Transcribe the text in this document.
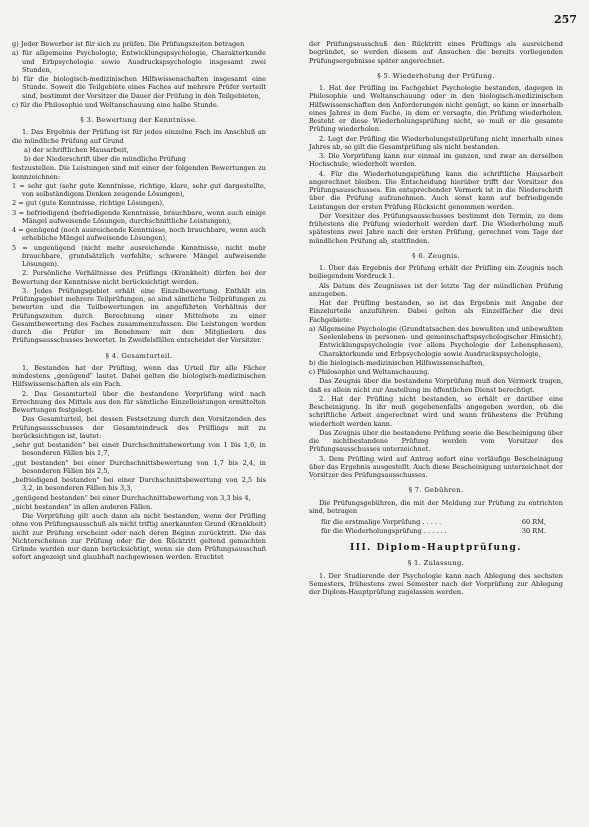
257

g) Jeder Bewerber ist für sich zu prüfen. Die Prüfungszeiten betragen

a) für allgemeine Psychologie, Entwicklungspsychologie, Charakterkunde und Erbpsychologie sowie Ausdruckspsychologie insgesamt zwei Stunden,

b) für die biologisch-medizinischen Hilfswissenschaften insgesamt eine Stunde. Soweit die Teilgebiete eines Faches auf mehrere Prüfer verteilt sind, bestimmt der Vorsitzer die Dauer der Prüfung in den Teilgebieten,

c) für die Philosophie und Weltanschauung eine halbe Stunde.

§ 3. Bewertung der Kenntnisse.

1. Das Ergebnis der Prüfung ist für jedes einzelne Fach im Anschluß an die mündliche Prüfung auf Grund

a) der schriftlichen Hausarbeit,

b) der Niederschrift über die mündliche Prüfung

festzustellen. Die Leistungen sind mit einer der folgenden Bewertungen zu kennzeichnen:

1 = sehr gut (sehr gute Kenntnisse, richtige, klare, sehr gut dargestellte, von selbständigem Denken zeugende Lösungen),

2 = gut (gute Kenntnisse, richtige Lösungen),

3 = befriedigend (befriedigende Kenntnisse, brauchbare, wenn auch einige Mängel aufweisende Lösungen, durchschnittliche Leistungen),

4 = genügend (noch ausreichende Kenntnisse, noch brauchbare, wenn auch erhebliche Mängel aufweisende Lösungen),

5 = ungenügend (nicht mehr ausreichende Kenntnisse, nicht mehr brauchbare, grundsätzlich verfehlte, schwere Mängel aufweisende Lösungen).

2. Persönliche Verhältnisse des Prüflings (Krankheit) dürfen bei der Bewertung der Kenntnisse nicht berücksichtigt werden.

3. Jedes Prüfungsgebiet erhält eine Einzelbewertung. Enthält ein Prüfungsgebiet mehrere Teilprüfungen, so sind sämtliche Teilprüfungen zu bewerten und die Teilbewertungen im angeführten Verhältnis der Prüfungszeiten durch Berechnung einer Mittelnote zu einer Gesamtbewertung des Faches zusammenzufassen. Die Leistungen werden durch die Prüfer im Benehmen mit den Mitgliedern des Prüfungsausschusses bewertet. In Zweifelsfällen entscheidet der Vorsitzer.

§ 4. Gesamturteil.

1. Bestanden hat der Prüfling, wenn das Urteil für alle Fächer mindestens „genügend" lautet. Dabei gelten die biologisch-medizinischen Hilfswissenschaften als ein Fach.

2. Das Gesamturteil über die bestandene Vorprüfung wird nach Errechnung des Mittels aus den für sämtliche Einzelleistungen ermittelten Bewertungen festgelegt.

Das Gesamturteil, bei dessen Festsetzung durch den Vorsitzenden des Prüfungsausschusses der Gesamteindruck des Prüflings mit zu berücksichtigen ist, lautet:

„sehr gut bestanden" bei einer Durchschnittsbewertung von 1 bis 1,6, in besonderen Fällen bis 1,7,

„gut bestanden" bei einer Durchschnittsbewertung von 1,7 bis 2,4, in besonderen Fällen bis 2,5,

„befriedigend bestanden" bei einer Durchschnittsbewertung von 2,5 bis 3,2, in besonderen Fällen bis 3,3,

„genügend bestanden" bei einer Durchschnittsbewertung von 3,3 bis 4,

„nicht bestanden" in allen anderen Fällen.

Die Vorprüfung gilt auch dann als nicht bestanden, wenn der Prüfling ohne von Prüfungsausschuß als nicht triftig anerkannten Grund (Krankheit) nicht zur Prüfung erscheint oder nach deren Beginn zurücktritt. Die das Nichterscheinen zur Prüfung oder für den Rücktritt geltend gemachten Gründe werden nur dann berücksichtigt, wenn sie dem Prüfungsausschuß sofort angezeigt und glaubhaft nachgewiesen werden. Erachtet

der Prüfungsausschuß den Rücktritt eines Prüflings als ausreichend begründet, so werden diesem auf Ansuchen die bereits vorliegenden Prüfungsergebnisse später angerechnet.

§ 5. Wiederholung der Prüfung.

1. Hat der Prüfling im Fachgebiet Psychologie bestanden, dagegen in Philosophie und Weltanschauung oder in den biologisch-medizinischen Hilfswissenschaften den Anforderungen nicht genügt, so kann er innerhalb eines Jahres in dem Fache, in dem er versagte, die Prüfung wiederholen. Besteht er diese Wiederholungsprüfung nicht, so muß er die gesamte Prüfung wiederholen.

2. Legt der Prüfling die Wiederholungsteilprüfung nicht innerhalb eines Jahres ab, so gilt die Gesamtprüfung als nicht bestanden.

3. Die Vorprüfung kann nur einmal im ganzen, und zwar an derselben Hochschule, wiederholt werden.

4. Für die Wiederholungsprüfung kann die schriftliche Hausarbeit angerechnet bleiben. Die Entscheidung hierüber trifft der Vorsitzer des Prüfungsausschusses. Ein entsprechender Vermerk ist in die Niederschrift über die Prüfung aufzunehmen. Auch sonst kann auf befriedigende Leistungen der ersten Prüfung Rücksicht genommen werden.

Der Vorsitzer des Prüfungsausschusses bestimmt den Termin, zu dem frühestens die Prüfung wiederholt werden darf. Die Wiederholung muß spätestens zwei Jahre nach der ersten Prüfung, gerechnet vom Tage der mündlichen Prüfung ab, stattfinden.

§ 6. Zeugnis.

1. Über das Ergebnis der Prüfung erhält der Prüfling ein Zeugnis nach beiliegendem Vordruck 1.

Als Datum des Zeugnisses ist der letzte Tag der mündlichen Prüfung anzugeben.

Hat der Prüfling bestanden, so ist das Ergebnis mit Angabe der Einzelurteile anzuführen. Dabei gelten als Einzelfächer die drei Fachgebiete:

a) Allgemeine Psychologie (Grundtatsachen des bewußten und unbewußten Seelenlebens in personen- und gemeinschaftspsychologischer Hinsicht), Entwicklungspsychologie (vor allem Psychologie der Lebensphasen), Charakterkunde und Erbpsychologie sowie Ausdruckspsychologie,

b) die biologisch-medizinischen Hilfswissenschaften,

c) Philosophie und Weltanschauung.

Das Zeugnis über die bestandene Vorprüfung muß den Vermerk tragen, daß es allein nicht zur Anstellung im öffentlichen Dienst berechtigt.

2. Hat der Prüfling nicht bestanden, so erhält er darüber eine Bescheinigung. In ihr muß gegebenenfalls angegeben werden, ob die schriftliche Arbeit angerechnet wird und wann frühestens die Prüfung wiederholt werden kann.

Das Zeugnis über die bestandene Prüfung sowie die Bescheinigung über die nichtbestandene Prüfung werden vom Vorsitzer des Prüfungsausschusses unterzeichnet.

3. Dem Prüfling wird auf Antrag sofort eine vorläufige Bescheinigung über das Ergebnis ausgestellt. Auch diese Bescheinigung unterzeichnet der Vorsitzer des Prüfungsausschusses.

§ 7. Gebühren.

Die Prüfungsgebühren, die mit der Meldung zur Prüfung zu entrichten sind, betragen

für die erstmalige Vorprüfung . . . . .	60 RM,
für die Wiederholungsprüfung . . . . . .	30 RM.
III. Diplom-Hauptprüfung.
§ 1. Zulassung.

1. Der Studierende der Psychologie kann nach Ablegung des sechsten Semesters, frühestens zwei Semester nach der Vorprüfung zur Ablegung der Diplom-Hauptprüfung zugelassen werden.
